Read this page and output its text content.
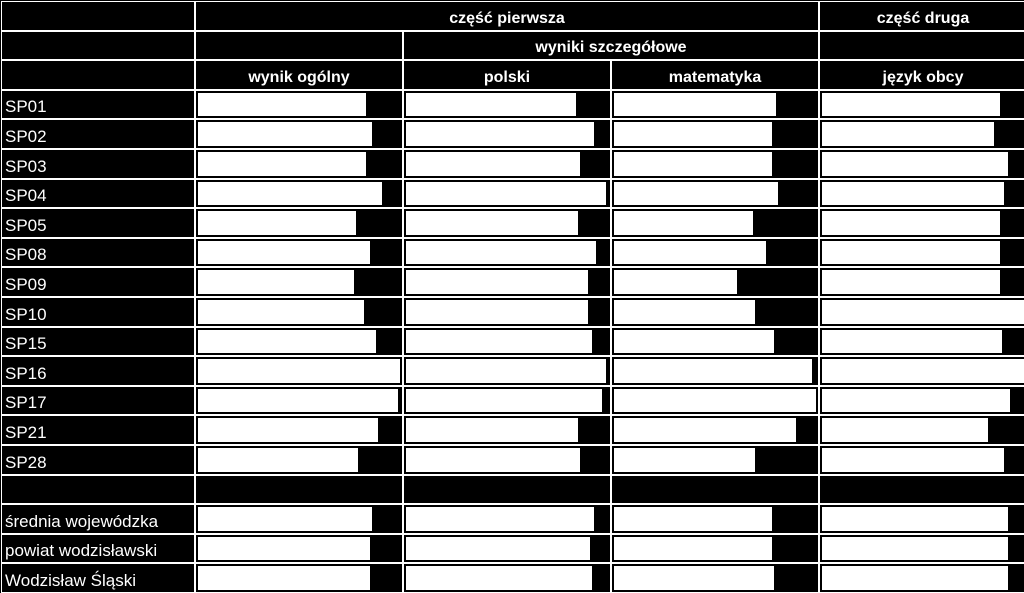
część pierwsza	część druga
wyniki szczegółowe
wynik ogólny	polski	matematyka	język obcy
SP01
SP02
SP03
SP04
SP05
SP08
SP09
SP10
SP15
SP16
SP17
SP21
SP28
średnia wojewódzka
powiat wodzisławski
Wodzisław Śląski
